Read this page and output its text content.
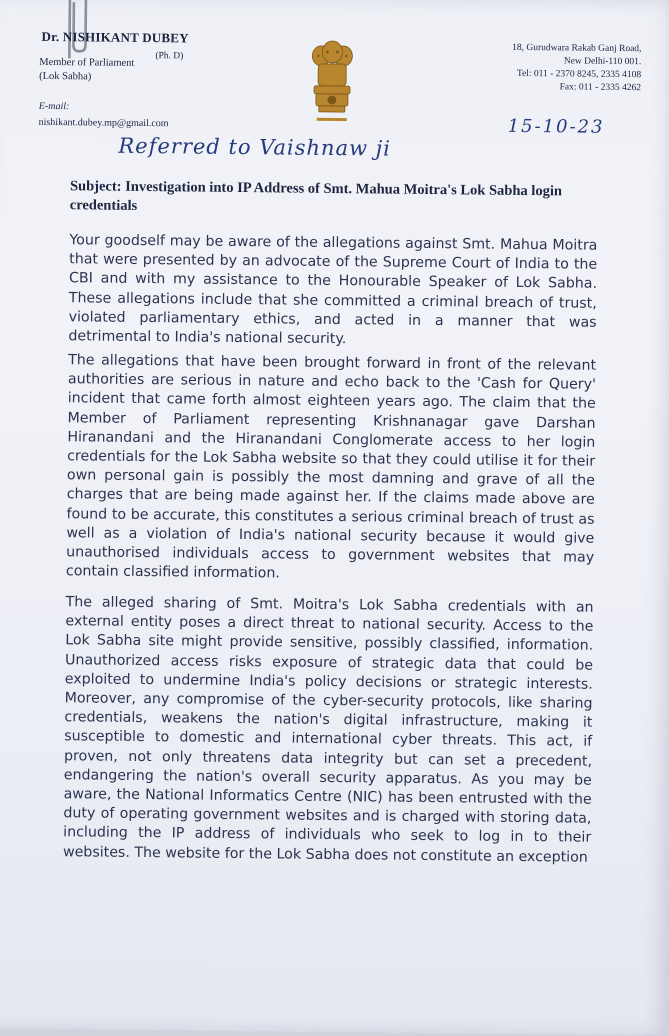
Dr. NISHIKANT DUBEY
(Ph. D)
Member of Parliament
(Lok Sabha)
E-mail:
nishikant.dubey.mp@gmail.com
18, Gurudwara Rakab Ganj Road,
New Delhi-110 001.
Tel: 011 - 2370 8245, 2335 4108
Fax: 011 - 2335 4262
15-10-23
Referred to Vaishnaw ji
Subject: Investigation into IP Address of Smt. Mahua Moitra's Lok Sabha login credentials
Your goodself may be aware of the allegations against Smt. Mahua Moitra that were presented by an advocate of the Supreme Court of India to the CBI and with my assistance to the Honourable Speaker of Lok Sabha. These allegations include that she committed a criminal breach of trust, violated parliamentary ethics, and acted in a manner that was detrimental to India's national security.
The allegations that have been brought forward in front of the relevant authorities are serious in nature and echo back to the 'Cash for Query' incident that came forth almost eighteen years ago. The claim that the Member of Parliament representing Krishnanagar gave Darshan Hiranandani and the Hiranandani Conglomerate access to her login credentials for the Lok Sabha website so that they could utilise it for their own personal gain is possibly the most damning and grave of all the charges that are being made against her. If the claims made above are found to be accurate, this constitutes a serious criminal breach of trust as well as a violation of India's national security because it would give unauthorised individuals access to government websites that may contain classified information.
The alleged sharing of Smt. Moitra's Lok Sabha credentials with an external entity poses a direct threat to national security. Access to the Lok Sabha site might provide sensitive, possibly classified, information. Unauthorized access risks exposure of strategic data that could be exploited to undermine India's policy decisions or strategic interests. Moreover, any compromise of the cyber-security protocols, like sharing credentials, weakens the nation's digital infrastructure, making it susceptible to domestic and international cyber threats. This act, if proven, not only threatens data integrity but can set a precedent, endangering the nation's overall security apparatus. As you may be aware, the National Informatics Centre (NIC) has been entrusted with the duty of operating government websites and is charged with storing data, including the IP address of individuals who seek to log in to their websites. The website for the Lok Sabha does not constitute an exception
